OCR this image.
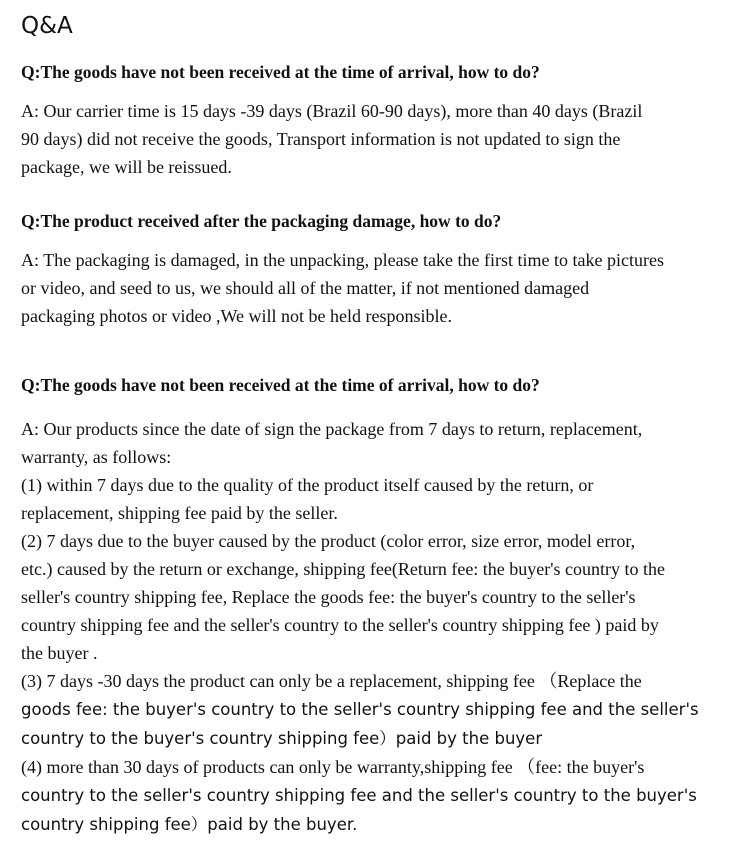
Q&A

Q:The goods have not been received at the time of arrival, how to do?

A: Our carrier time is 15 days -39 days (Brazil 60-90 days), more than 40 days (Brazil
90 days) did not receive the goods, Transport information is not updated to sign the
package, we will be reissued.

Q:The product received after the packaging damage, how to do?

A: The packaging is damaged, in the unpacking, please take the first time to take pictures
or video, and seed to us, we should all of the matter, if not mentioned damaged
packaging photos or video ,We will not be held responsible.

Q:The goods have not been received at the time of arrival, how to do?

A: Our products since the date of sign the package from 7 days to return, replacement,
warranty, as follows:
(1) within 7 days due to the quality of the product itself caused by the return, or
replacement, shipping fee paid by the seller.
(2) 7 days due to the buyer caused by the product (color error, size error, model error,
etc.) caused by the return or exchange, shipping fee(Return fee: the buyer's country to the
seller's country shipping fee, Replace the goods fee: the buyer's country to the seller's
country shipping fee and the seller's country to the seller's country shipping fee ) paid by
the buyer .
(3) 7 days -30 days the product can only be a replacement, shipping fee （Replace the
goods fee: the buyer's country to the seller's country shipping fee and the seller's
country to the buyer's country shipping fee）paid by the buyer
(4) more than 30 days of products can only be warranty,shipping fee （fee: the buyer's
country to the seller's country shipping fee and the seller's country to the buyer's
country shipping fee）paid by the buyer.
